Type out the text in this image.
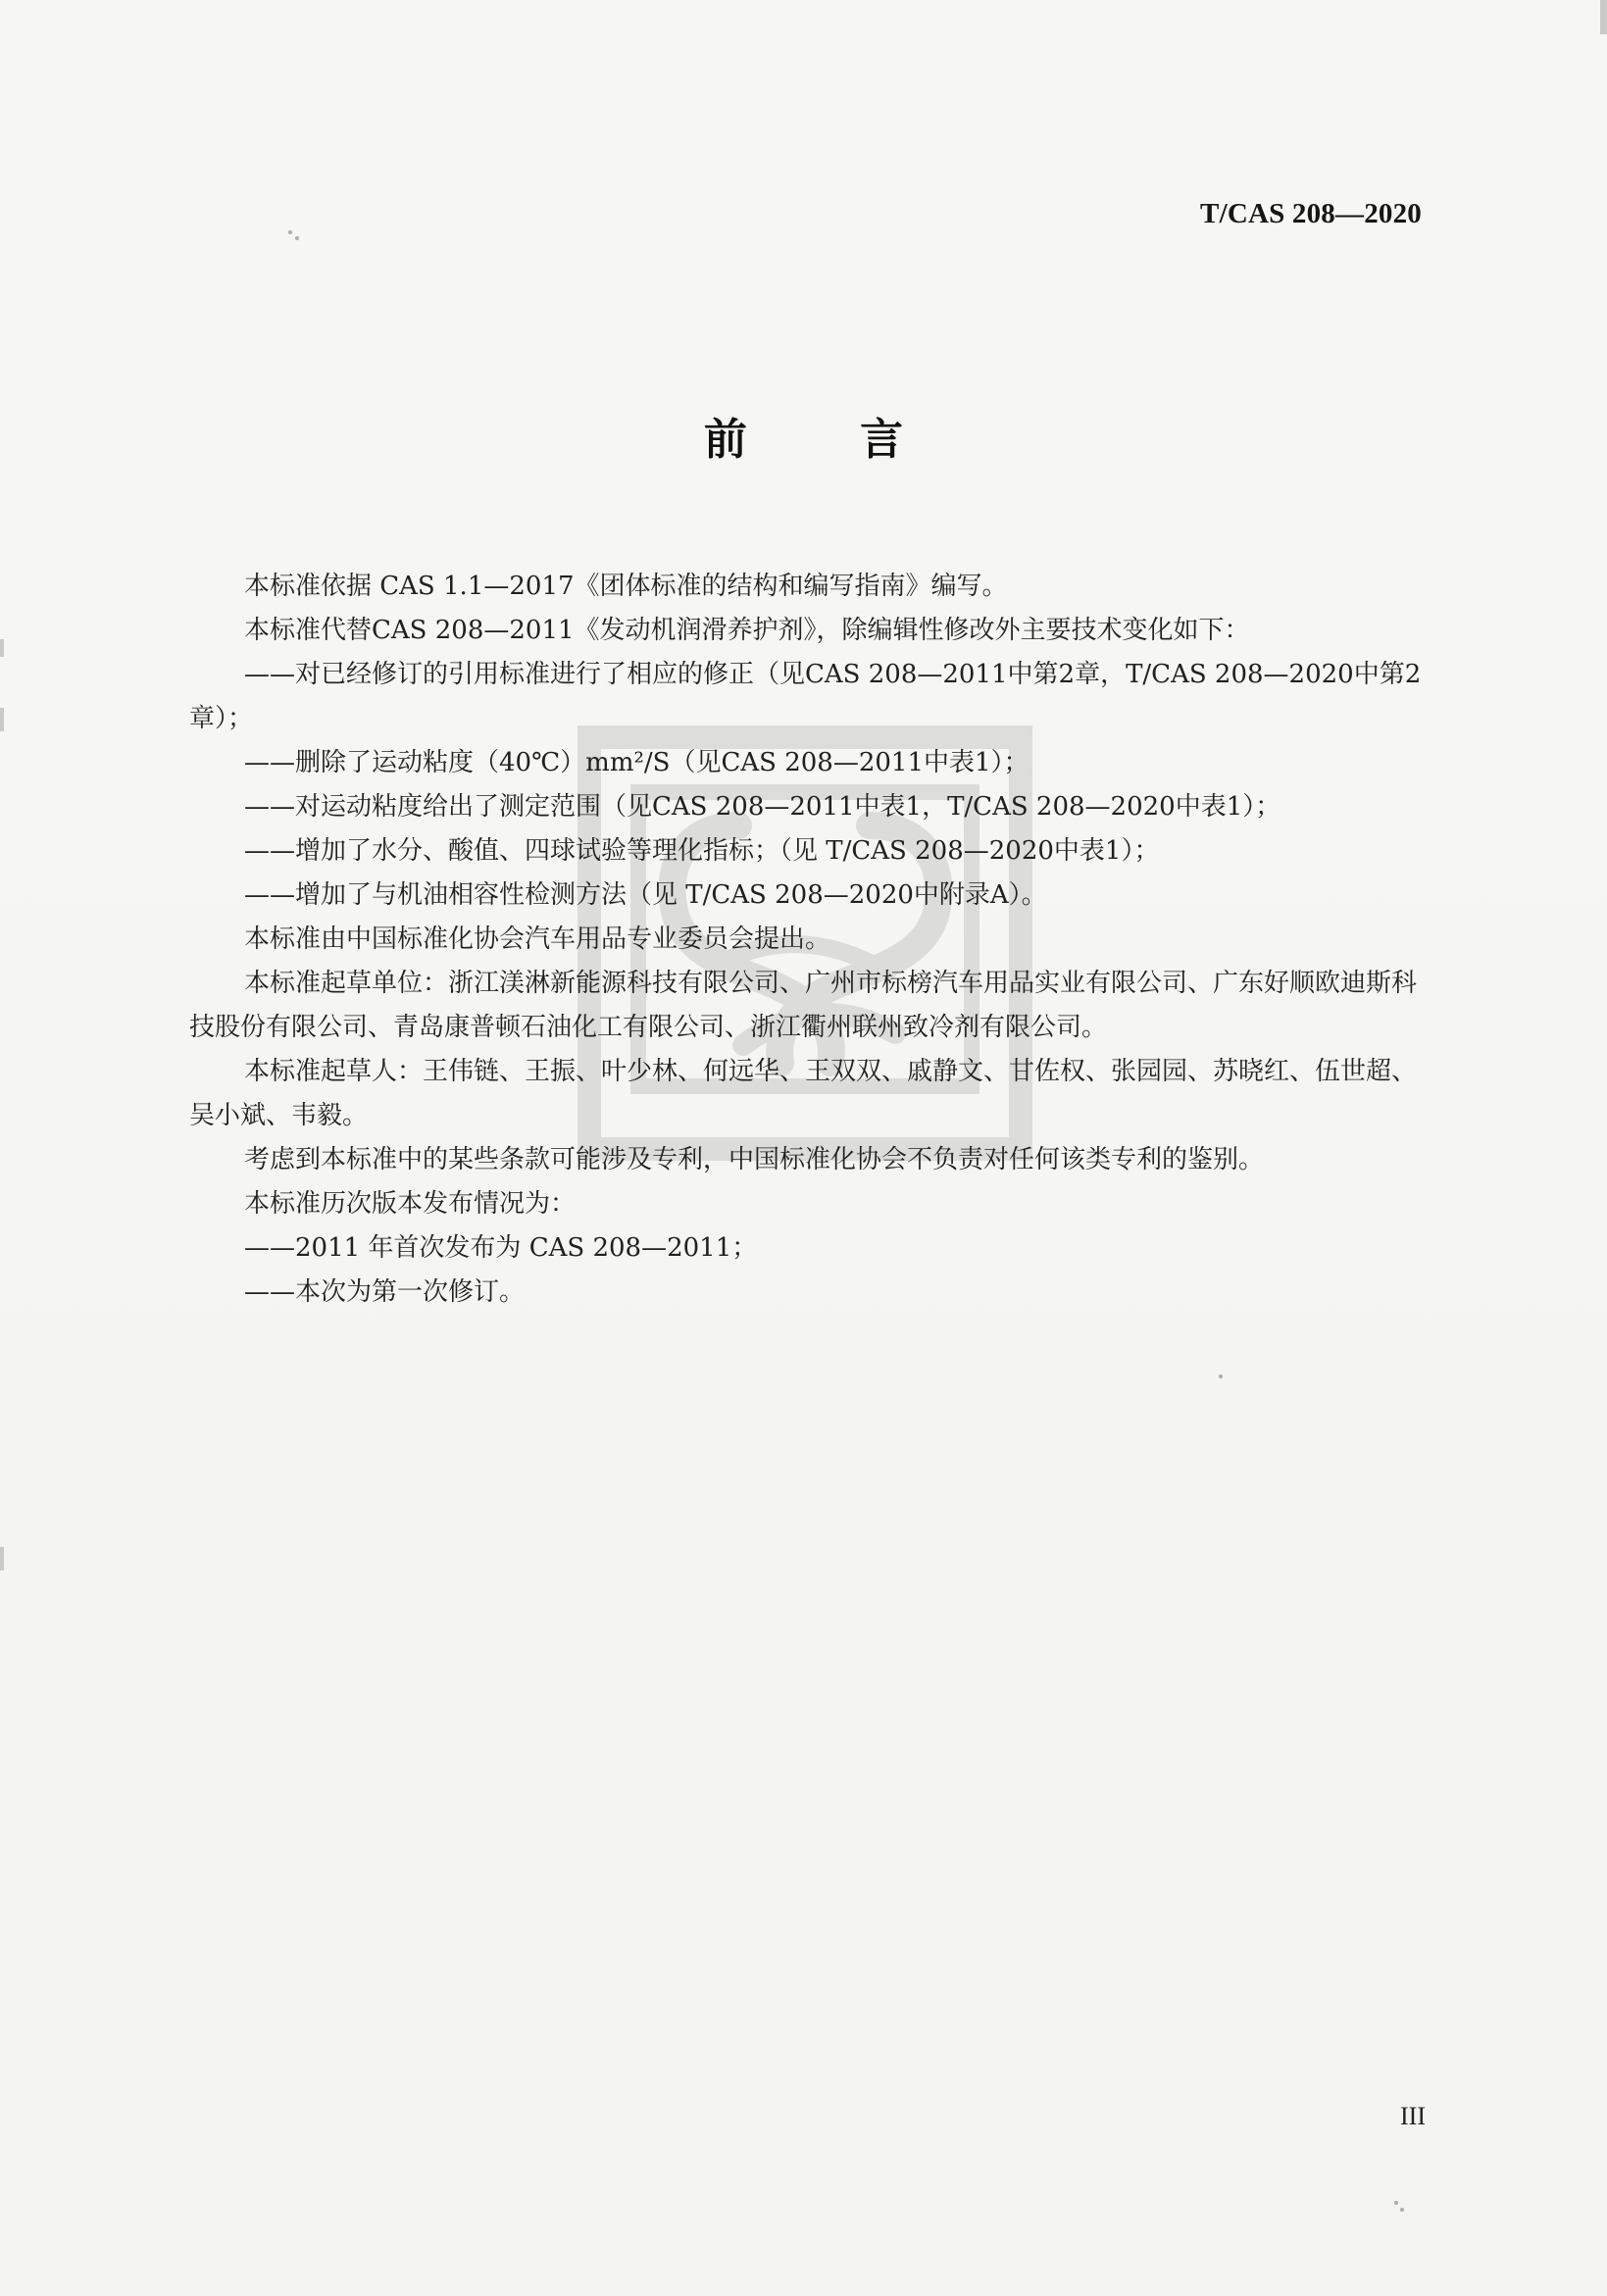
T/CAS 208—2020
前 言

本标准依据 CAS 1.1—2017《团体标准的结构和编写指南》编写。

本标准代替CAS 208—2011《发动机润滑养护剂》，除编辑性修改外主要技术变化如下：

——对已经修订的引用标准进行了相应的修正（见CAS 208—2011中第2章，T/CAS 208—2020中第2章）；

——删除了运动粘度（40℃）mm²/S（见CAS 208—2011中表1）；

——对运动粘度给出了测定范围（见CAS 208—2011中表1，T/CAS 208—2020中表1）；

——增加了水分、酸值、四球试验等理化指标；（见 T/CAS 208—2020中表1）；

——增加了与机油相容性检测方法（见 T/CAS 208—2020中附录A）。

本标准由中国标准化协会汽车用品专业委员会提出。

本标准起草单位：浙江渼淋新能源科技有限公司、广州市标榜汽车用品实业有限公司、广东好顺欧迪斯科技股份有限公司、青岛康普顿石油化工有限公司、浙江衢州联州致冷剂有限公司。

本标准起草人：王伟链、王振、叶少林、何远华、王双双、戚静文、甘佐权、张园园、苏晓红、伍世超、吴小斌、韦毅。

考虑到本标准中的某些条款可能涉及专利，中国标准化协会不负责对任何该类专利的鉴别。

本标准历次版本发布情况为：

——2011 年首次发布为 CAS 208—2011；

——本次为第一次修订。

III
